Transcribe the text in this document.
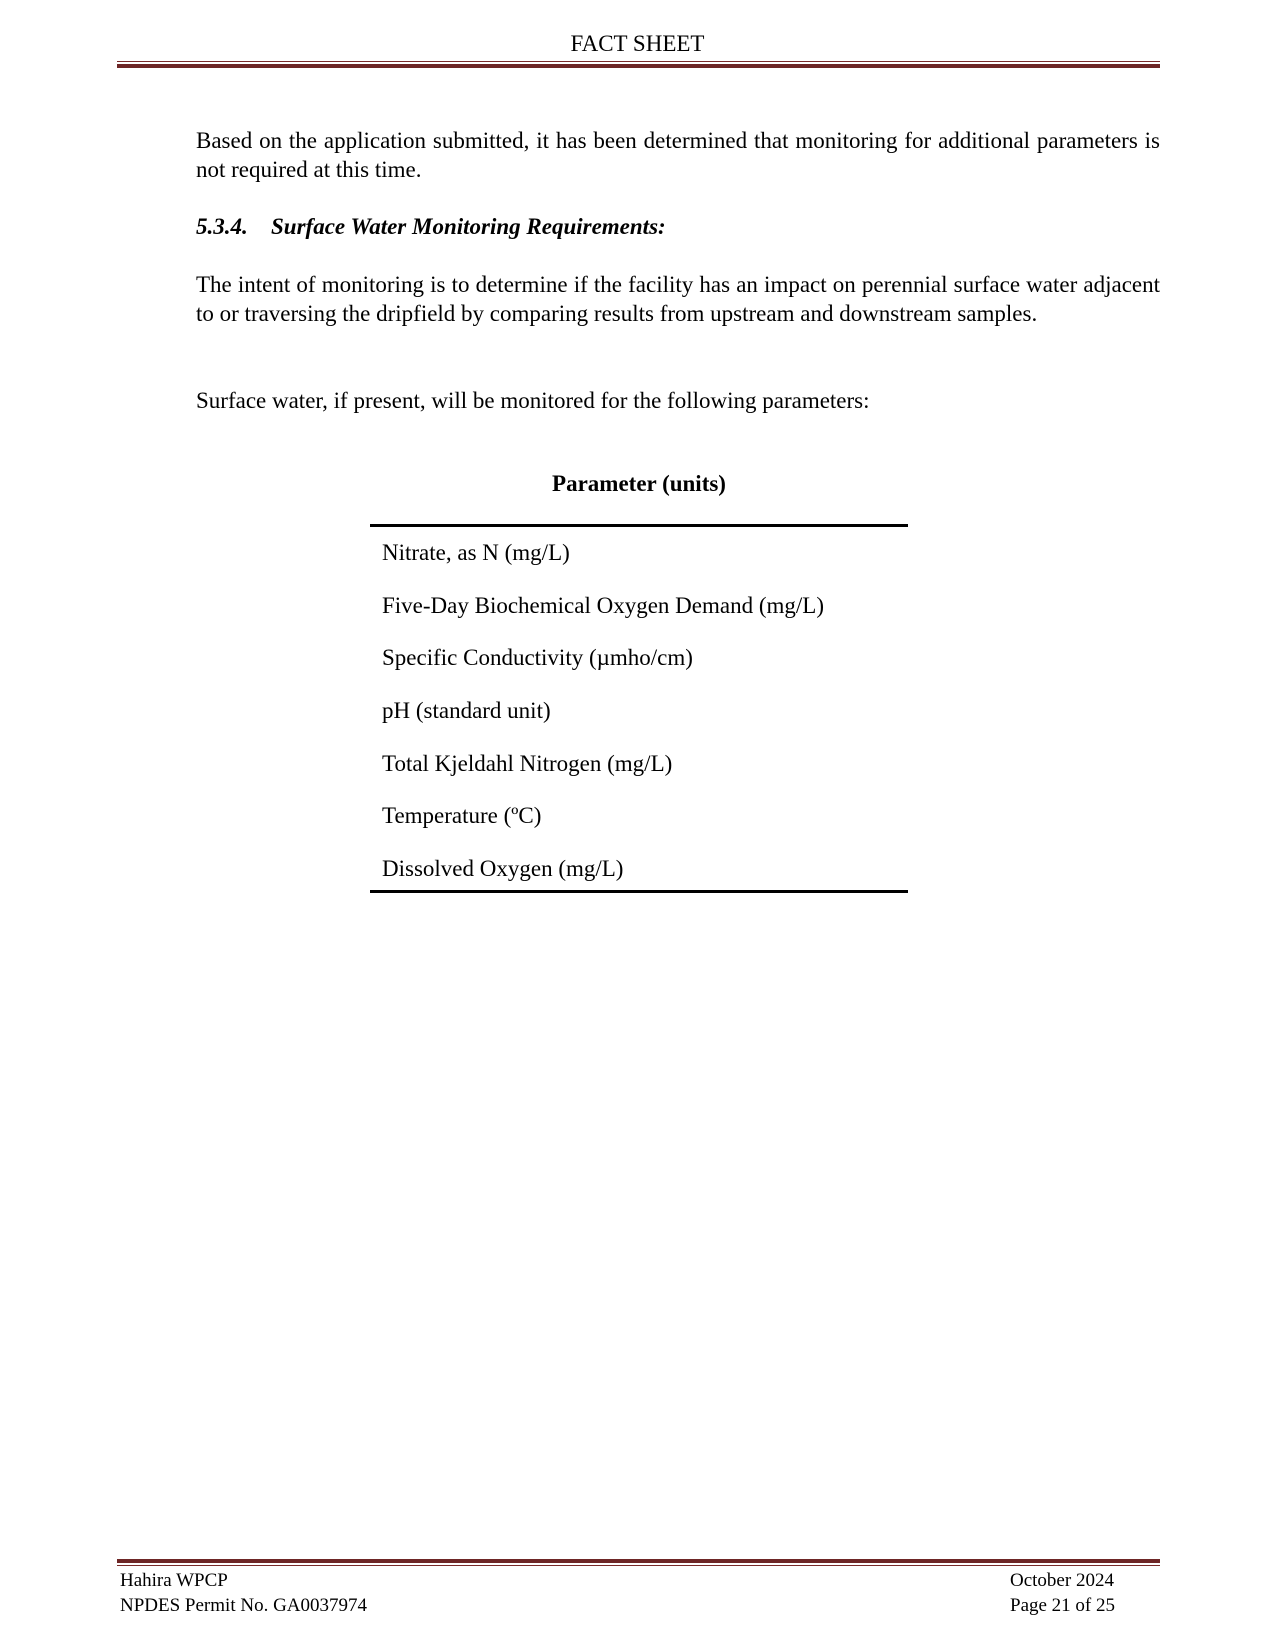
FACT SHEET

Based on the application submitted, it has been determined that monitoring for additional parameters is not required at this time.

5.3.4. Surface Water Monitoring Requirements:

The intent of monitoring is to determine if the facility has an impact on perennial surface water adjacent to or traversing the dripfield by comparing results from upstream and downstream samples.

Surface water, if present, will be monitored for the following parameters:

Parameter (units)
Nitrate, as N (mg/L)
Five-Day Biochemical Oxygen Demand (mg/L)
Specific Conductivity (µmho/cm)
pH (standard unit)
Total Kjeldahl Nitrogen (mg/L)
Temperature (ºC)
Dissolved Oxygen (mg/L)
Hahira WPCP
NPDES Permit No. GA0037974
October 2024
Page 21 of 25
